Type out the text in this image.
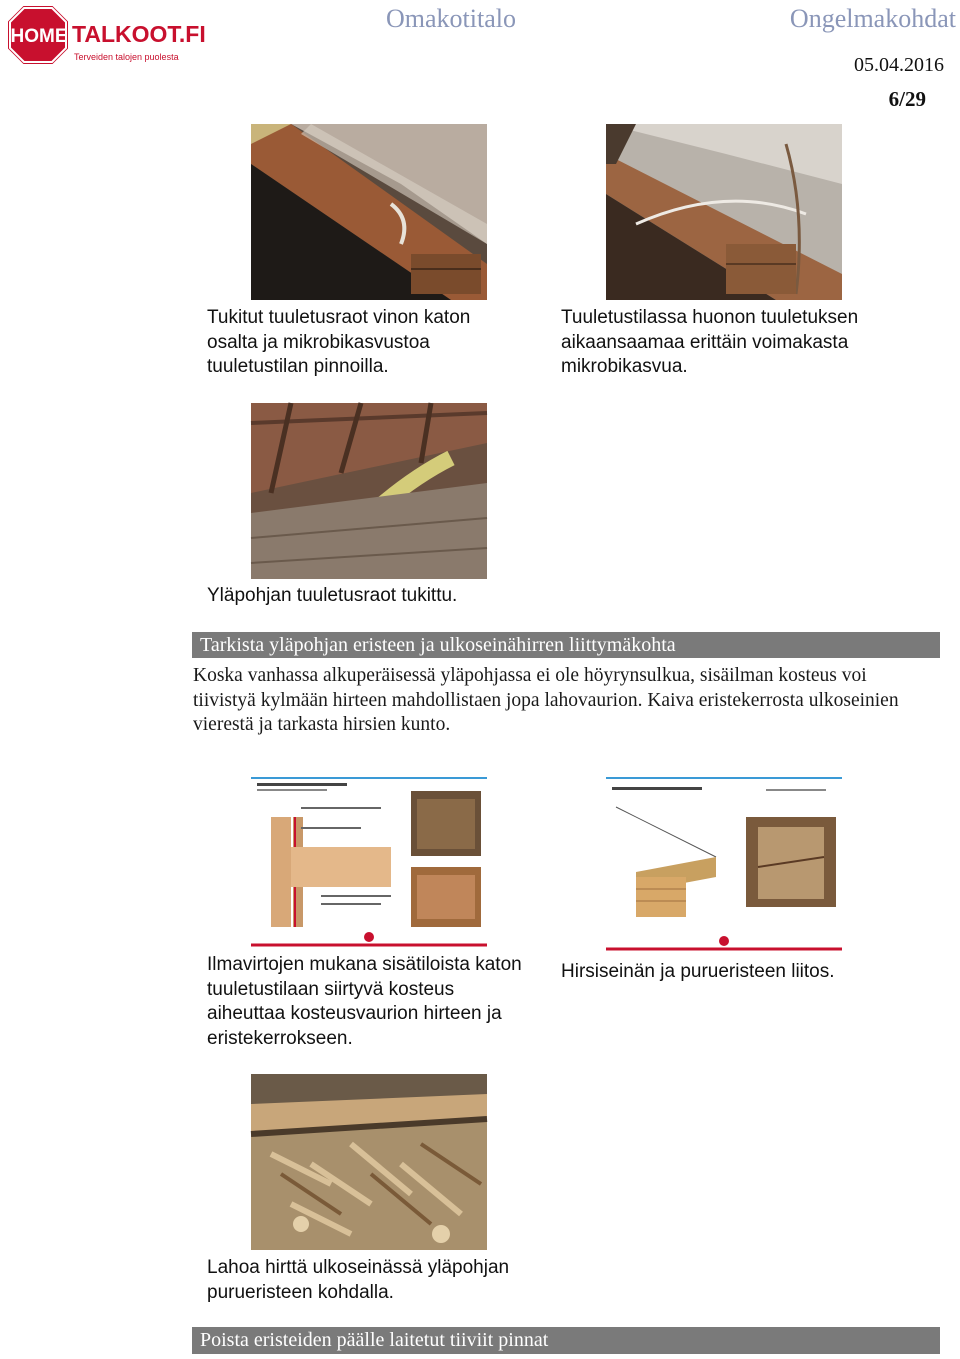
HOME TALKOOT.FI
Terveiden talojen puolesta
Omakotitalo	Ongelmakohdat
05.04.2016
6/29
Tukitut tuuletusraot vinon katon osalta ja mikrobikasvustoa tuuletustilan pinnoilla.
Tuuletustilassa huonon tuuletuksen aikaansaamaa erittäin voimakasta mikrobikasvua.
Yläpohjan tuuletusraot tukittu.
Tarkista yläpohjan eristeen ja ulkoseinähirren liittymäkohta
Koska vanhassa alkuperäisessä yläpohjassa ei ole höyrynsulkua, sisäilman kosteus voi tiivistyä kylmään hirteen mahdollistaen jopa lahovaurion. Kaiva eristekerrosta ulkoseinien vierestä ja tarkasta hirsien kunto.
Ilmavirtojen mukana sisätiloista katon tuuletustilaan siirtyvä kosteus aiheuttaa kosteusvaurion hirteen ja eristekerrokseen.
Hirsiseinän ja purueristeen liitos.
Lahoa hirttä ulkoseinässä yläpohjan purueristeen kohdalla.
Poista eristeiden päälle laitetut tiiviit pinnat
